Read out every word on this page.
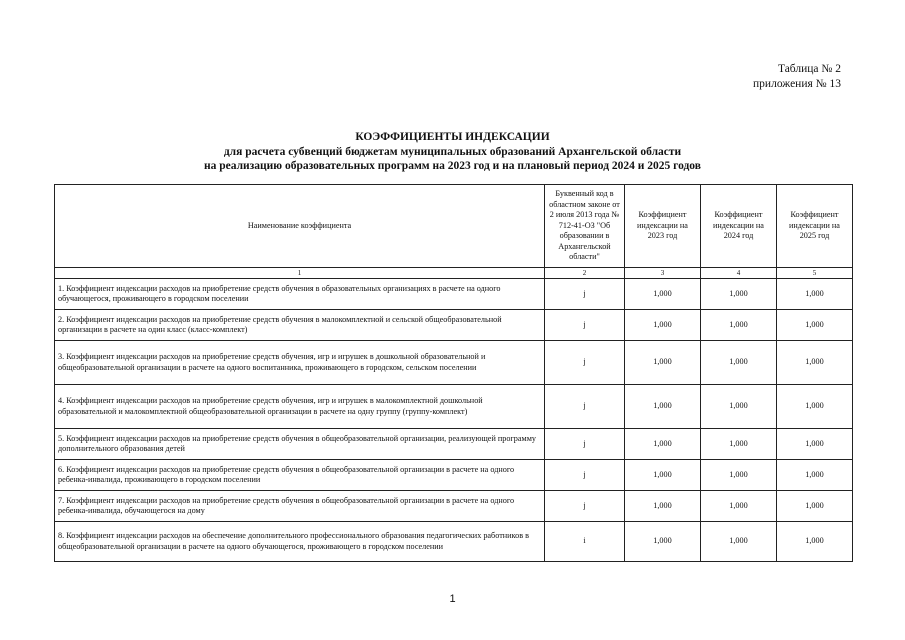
Таблица № 2
приложения № 13
КОЭФФИЦИЕНТЫ ИНДЕКСАЦИИ
для расчета субвенций бюджетам муниципальных образований Архангельской области
на реализацию образовательных программ на 2023 год и на плановый период 2024 и 2025 годов
Наименование коэффициента	Буквенный код в областном законе от 2 июля 2013 года № 712-41-ОЗ "Об образовании в Архангельской области"	Коэффициент индексации на 2023 год	Коэффициент индексации на 2024 год	Коэффициент индексации на 2025 год
1	2	3	4	5
1. Коэффициент индексации расходов на приобретение средств обучения в образовательных организациях в расчете на одного обучающегося, проживающего в городском поселении	j	1,000	1,000	1,000
2. Коэффициент индексации расходов на приобретение средств обучения в малокомплектной и сельской общеобразовательной организации в расчете на один класс (класс-комплект)	j	1,000	1,000	1,000
3. Коэффициент индексации расходов на приобретение средств обучения, игр и игрушек в дошкольной образовательной и общеобразовательной организации в расчете на одного воспитанника, проживающего в городском, сельском поселении	j	1,000	1,000	1,000
4. Коэффициент индексации расходов на приобретение средств обучения, игр и игрушек в малокомплектной дошкольной образовательной и малокомплектной общеобразовательной организации в расчете на одну группу (группу-комплект)	j	1,000	1,000	1,000
5. Коэффициент индексации расходов на приобретение средств обучения в общеобразовательной организации, реализующей программу дополнительного образования детей	j	1,000	1,000	1,000
6. Коэффициент индексации расходов на приобретение средств обучения в общеобразовательной организации в расчете на одного ребенка-инвалида, проживающего в городском поселении	j	1,000	1,000	1,000
7. Коэффициент индексации расходов на приобретение средств обучения в общеобразовательной организации в расчете на одного ребенка-инвалида, обучающегося на дому	j	1,000	1,000	1,000
8. Коэффициент индексации расходов на обеспечение дополнительного профессионального образования педагогических работников в общеобразовательной организации в расчете на одного обучающегося, проживающего в городском поселении	i	1,000	1,000	1,000
1
